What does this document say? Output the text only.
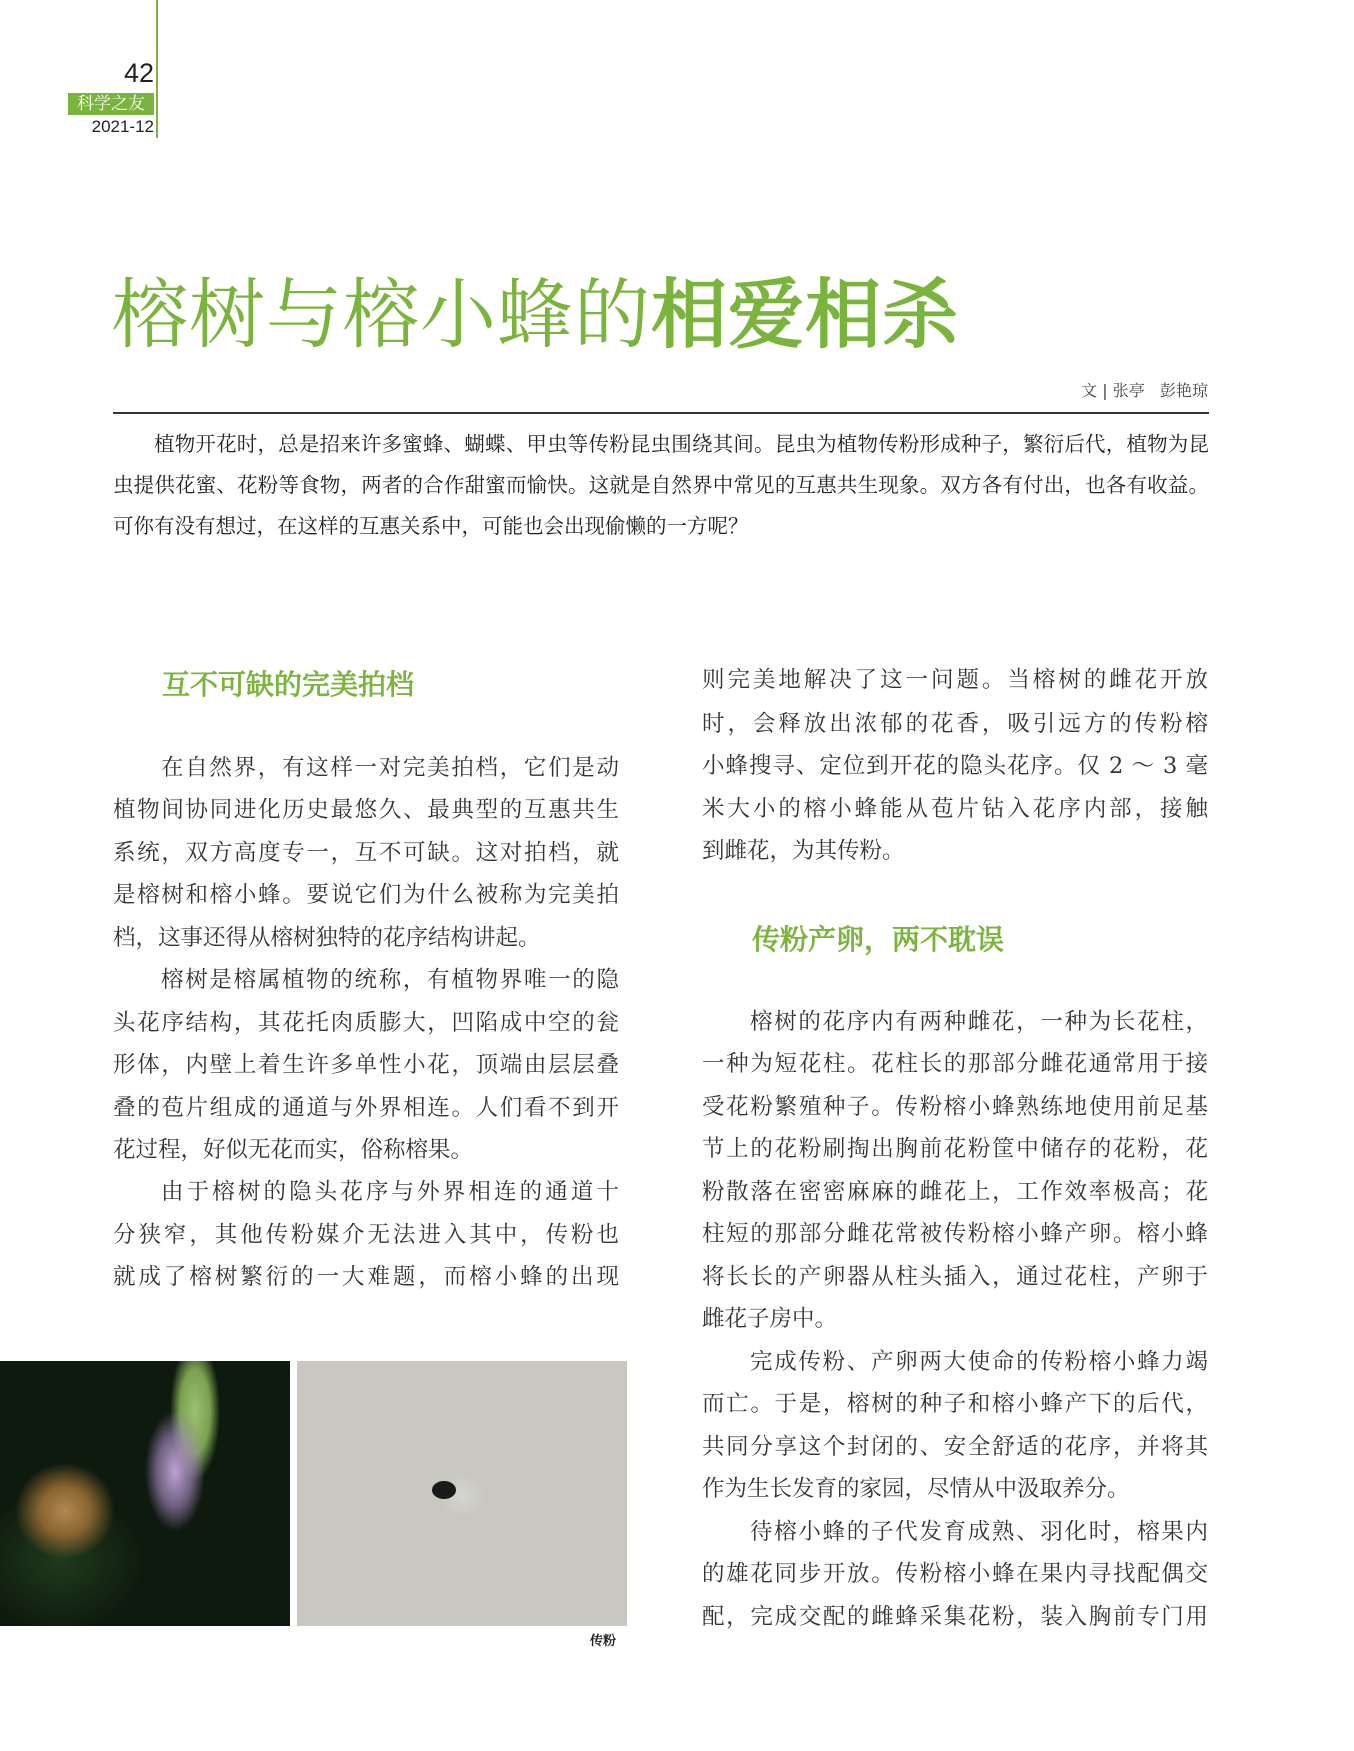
42
科学之友
2021-12
榕树与榕小蜂的相爱相杀
文 | 张亭   彭艳琼

植物开花时，总是招来许多蜜蜂、蝴蝶、甲虫等传粉昆虫围绕其间。昆虫为植物传粉形成种子，繁衍后代，植物为昆虫提供花蜜、花粉等食物，两者的合作甜蜜而愉快。这就是自然界中常见的互惠共生现象。双方各有付出，也各有收益。可你有没有想过，在这样的互惠关系中，可能也会出现偷懒的一方呢？

互不可缺的完美拍档
在自然界，有这样一对完美拍档，它们是动
植物间协同进化历史最悠久、最典型的互惠共生
系统，双方高度专一，互不可缺。这对拍档，就
是榕树和榕小蜂。要说它们为什么被称为完美拍
档，这事还得从榕树独特的花序结构讲起。
榕树是榕属植物的统称，有植物界唯一的隐
头花序结构，其花托肉质膨大，凹陷成中空的瓮
形体，内壁上着生许多单性小花，顶端由层层叠
叠的苞片组成的通道与外界相连。人们看不到开
花过程，好似无花而实，俗称榕果。
由于榕树的隐头花序与外界相连的通道十
分狭窄，其他传粉媒介无法进入其中，传粉也
就成了榕树繁衍的一大难题，而榕小蜂的出现
传粉
则完美地解决了这一问题。当榕树的雌花开放
时，会释放出浓郁的花香，吸引远方的传粉榕
小蜂搜寻、定位到开花的隐头花序。仅 2 ～ 3 毫
米大小的榕小蜂能从苞片钻入花序内部，接触
到雌花，为其传粉。
传粉产卵，两不耽误
榕树的花序内有两种雌花，一种为长花柱，
一种为短花柱。花柱长的那部分雌花通常用于接
受花粉繁殖种子。传粉榕小蜂熟练地使用前足基
节上的花粉刷掏出胸前花粉筐中储存的花粉，花
粉散落在密密麻麻的雌花上，工作效率极高；花
柱短的那部分雌花常被传粉榕小蜂产卵。榕小蜂
将长长的产卵器从柱头插入，通过花柱，产卵于
雌花子房中。
完成传粉、产卵两大使命的传粉榕小蜂力竭
而亡。于是，榕树的种子和榕小蜂产下的后代，
共同分享这个封闭的、安全舒适的花序，并将其
作为生长发育的家园，尽情从中汲取养分。
待榕小蜂的子代发育成熟、羽化时，榕果内
的雄花同步开放。传粉榕小蜂在果内寻找配偶交
配，完成交配的雌蜂采集花粉，装入胸前专门用
